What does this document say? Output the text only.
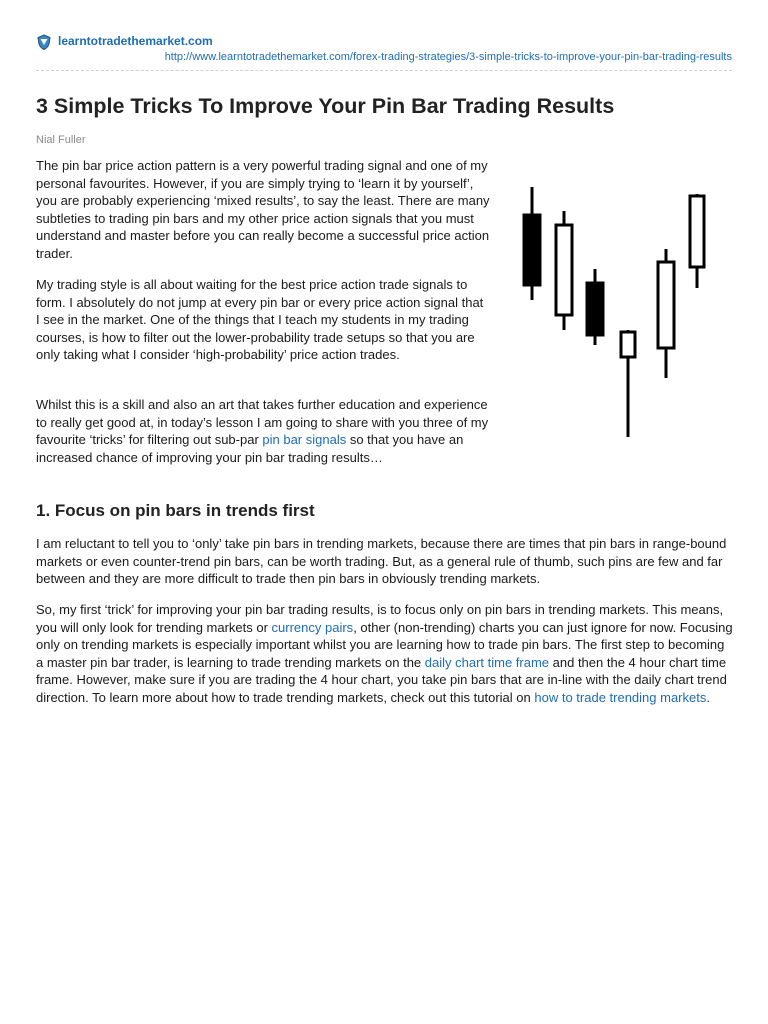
learntotradethemarket.com
http://www.learntotradethemarket.com/forex-trading-strategies/3-simple-tricks-to-improve-your-pin-bar-trading-results
3 Simple Tricks To Improve Your Pin Bar Trading Results
Nial Fuller

The pin bar price action pattern is a very powerful trading signal and one of my personal favourites. However, if you are simply trying to ‘learn it by yourself’, you are probably experiencing ‘mixed results’, to say the least. There are many subtleties to trading pin bars and my other price action signals that you must understand and master before you can really become a successful price action trader.

My trading style is all about waiting for the best price action trade signals to form. I absolutely do not jump at every pin bar or every price action signal that I see in the market. One of the things that I teach my students in my trading courses, is how to filter out the lower-probability trade setups so that you are only taking what I consider ‘high-probability’ price action trades.

Whilst this is a skill and also an art that takes further education and experience to really get good at, in today’s lesson I am going to share with you three of my favourite ‘tricks’ for filtering out sub-par pin bar signals so that you have an increased chance of improving your pin bar trading results…

1. Focus on pin bars in trends first

I am reluctant to tell you to ‘only’ take pin bars in trending markets, because there are times that pin bars in range-bound markets or even counter-trend pin bars, can be worth trading. But, as a general rule of thumb, such pins are few and far between and they are more difficult to trade then pin bars in obviously trending markets.

So, my first ‘trick’ for improving your pin bar trading results, is to focus only on pin bars in trending markets. This means, you will only look for trending markets or currency pairs, other (non-trending) charts you can just ignore for now. Focusing only on trending markets is especially important whilst you are learning how to trade pin bars. The first step to becoming a master pin bar trader, is learning to trade trending markets on the daily chart time frame and then the 4 hour chart time frame. However, make sure if you are trading the 4 hour chart, you take pin bars that are in-line with the daily chart trend direction. To learn more about how to trade trending markets, check out this tutorial on how to trade trending markets.
